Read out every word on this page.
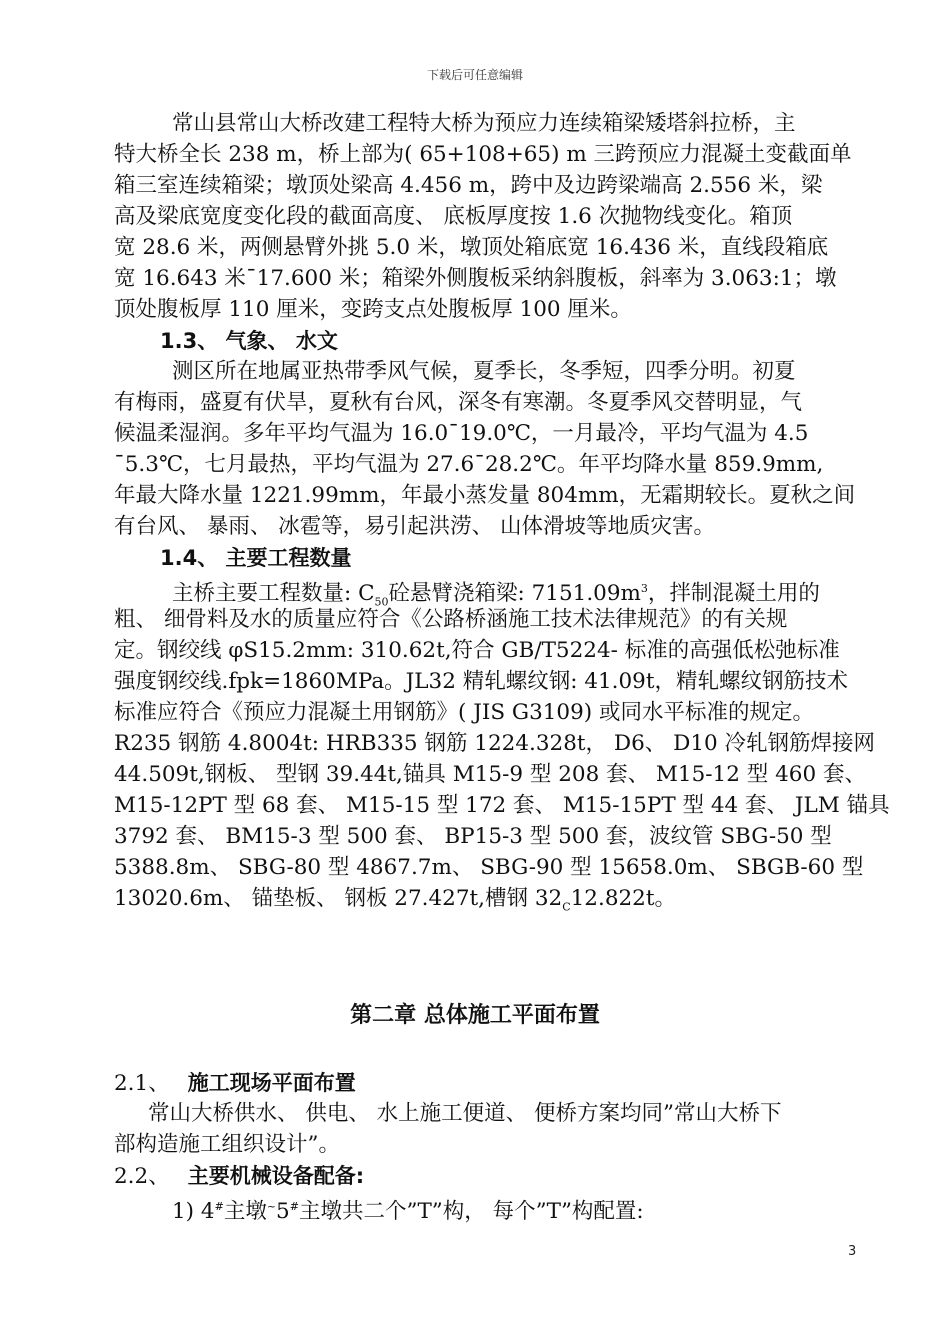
下载后可任意编辑
常山县常山大桥改建工程特大桥为预应力连续箱梁矮塔斜拉桥，主
特大桥全长 238 m，桥上部为( 65+108+65) m 三跨预应力混凝土变截面单
箱三室连续箱梁；墩顶处梁高 4.456 m，跨中及边跨梁端高 2.556 米，梁
高及梁底宽度变化段的截面高度、 底板厚度按 1.6 次抛物线变化。箱顶
宽 28.6 米，两侧悬臂外挑 5.0 米，墩顶处箱底宽 16.436 米，直线段箱底
宽 16.643 米¯17.600 米；箱梁外侧腹板采纳斜腹板，斜率为 3.063:1；墩
顶处腹板厚 110 厘米，变跨支点处腹板厚 100 厘米。
1.3、 气象、 水文
测区所在地属亚热带季风气候，夏季长，冬季短，四季分明。初夏
有梅雨，盛夏有伏旱，夏秋有台风，深冬有寒潮。冬夏季风交替明显，气
候温柔湿润。多年平均气温为 16.0¯19.0℃，一月最冷，平均气温为 4.5
¯5.3℃，七月最热，平均气温为 27.6¯28.2℃。年平均降水量 859.9mm,
年最大降水量 1221.99mm，年最小蒸发量 804mm，无霜期较长。夏秋之间
有台风、 暴雨、 冰雹等，易引起洪涝、 山体滑坡等地质灾害。
1.4、 主要工程数量
主桥主要工程数量: $C_{50}$砼悬臂浇箱梁: $7151.09m^3$，拌制混凝土用的
粗、 细骨料及水的质量应符合《公路桥涵施工技术法律规范》的有关规
定。钢绞线 φS15.2mm: 310.62t,符合 GB/T5224- 标准的高强低松弛标准
强度钢绞线.fpk=1860MPa。JL32 精轧螺纹钢: 41.09t，精轧螺纹钢筋技术
标准应符合《预应力混凝土用钢筋》( JIS G3109) 或同水平标准的规定。
R235 钢筋 4.8004t: HRB335 钢筋 1224.328t， D6、 D10 冷轧钢筋焊接网
44.509t,钢板、 型钢 39.44t,锚具 M15-9 型 208 套、 M15-12 型 460 套、
M15-12PT 型 68 套、 M15-15 型 172 套、 M15-15PT 型 44 套、 JLM 锚具
3792 套、 BM15-3 型 500 套、 BP15-3 型 500 套，波纹管 SBG-50 型
5388.8m、 SBG-80 型 4867.7m、 SBG-90 型 15658.0m、 SBGB-60 型
13020.6m、 锚垫板、 钢板 27.427t,槽钢 $32_C12.822t$。
第二章 总体施工平面布置
2.1、 施工现场平面布置
常山大桥供水、 供电、 水上施工便道、 便桥方案均同”常山大桥下
部构造施工组织设计”。
2.2、 主要机械设备配备:
1) 4#主墩~5#主墩共二个”T”构， 每个”T”构配置:
3
